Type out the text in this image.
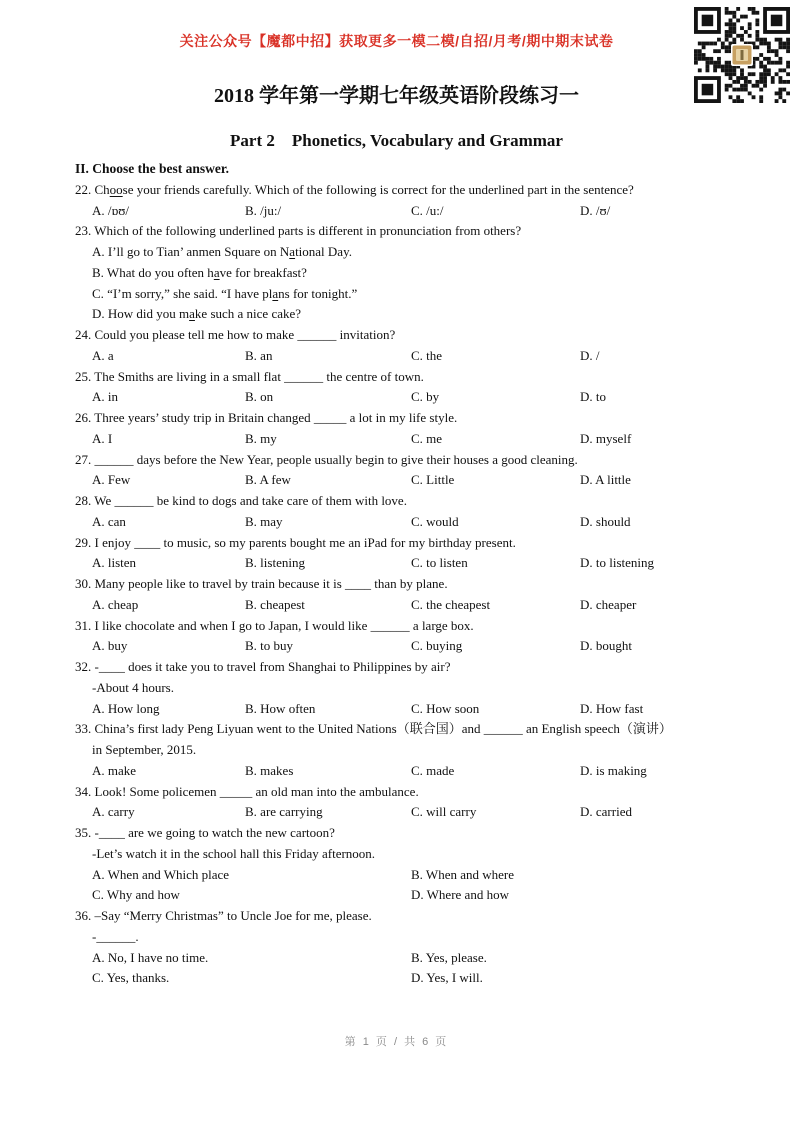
关注公众号【魔都中招】获取更多一模二模/自招/月考/期中期末试卷
2018 学年第一学期七年级英语阶段练习一
Part 2　Phonetics, Vocabulary and Grammar
II. Choose the best answer.
22. Choose your friends carefully. Which of the following is correct for the underlined part in the sentence?
A. /ɒʊ/	B. /ju:/	C. /u:/	D. /ʊ/
23. Which of the following underlined parts is different in pronunciation from others?
A. I’ll go to Tian’ anmen Square on National Day.
B. What do you often have for breakfast?
C. “I’m sorry,” she said. “I have plans for tonight.”
D. How did you make such a nice cake?
24. Could you please tell me how to make ______ invitation?
A. a	B. an	C. the	D. /
25. The Smiths are living in a small flat ______ the centre of town.
A. in	B. on	C. by	D. to
26. Three years’ study trip in Britain changed _____ a lot in my life style.
A. I	B. my	C. me	D. myself
27. ______ days before the New Year, people usually begin to give their houses a good cleaning.
A. Few	B. A few	C. Little	D. A little
28. We ______ be kind to dogs and take care of them with love.
A. can	B. may	C. would	D. should
29. I enjoy ____ to music, so my parents bought me an iPad for my birthday present.
A. listen	B. listening	C. to listen	D. to listening
30. Many people like to travel by train because it is ____ than by plane.
A. cheap	B. cheapest	C. the cheapest	D. cheaper
31. I like chocolate and when I go to Japan, I would like ______ a large box.
A. buy	B. to buy	C. buying	D. bought
32. -____ does it take you to travel from Shanghai to Philippines by air?
-About 4 hours.
A. How long	B. How often	C. How soon	D. How fast
33. China’s first lady Peng Liyuan went to the United Nations（联合国）and ______ an English speech（演讲）
in September, 2015.
A. make	B. makes	C. made	D. is making
34. Look! Some policemen _____ an old man into the ambulance.
A. carry	B. are carrying	C. will carry	D. carried
35. -____ are we going to watch the new cartoon?
-Let’s watch it in the school hall this Friday afternoon.
A. When and Which place	B. When and where
C. Why and how	D. Where and how
36. –Say “Merry Christmas” to Uncle Joe for me, please.
-______.
A. No, I have no time.	B. Yes, please.
C. Yes, thanks.	D. Yes, I will.
第 1 页 / 共 6 页
